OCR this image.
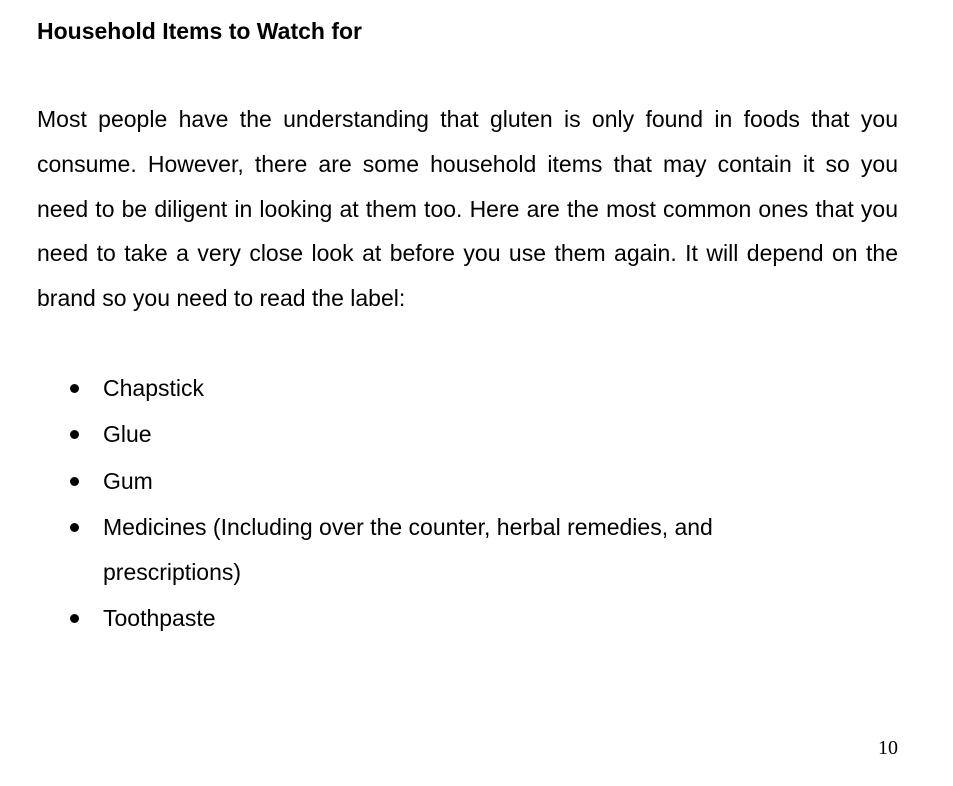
Household Items to Watch for

Most people have the understanding that gluten is only found in foods that you consume. However, there are some household items that may contain it so you need to be diligent in looking at them too. Here are the most common ones that you need to take a very close look at before you use them again. It will depend on the brand so you need to read the label:

Chapstick
Glue
Gum
Medicines (Including over the counter, herbal remedies, and prescriptions)
Toothpaste
10
